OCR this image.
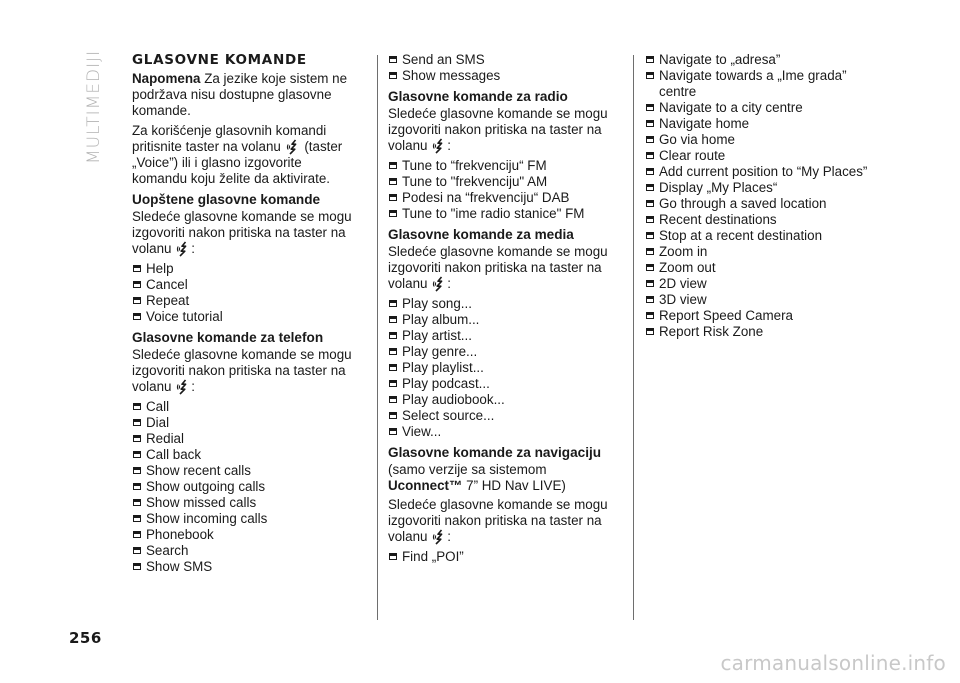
MULTIMEDIJI GLASOVNE KOMANDE

Napomena Za jezike koje sistem ne podržava nisu dostupne glasovne komande.

Za korišćenje glasovnih komandi pritisnite taster na volanu  (taster „Voice”) ili i glasno izgovorite komandu koju želite da aktivirate.

Uopštene glasovne komande

Sledeće glasovne komande se mogu izgovoriti nakon pritiska na taster na volanu :

Help
Cancel
Repeat
Voice tutorial
Glasovne komande za telefon

Sledeće glasovne komande se mogu izgovoriti nakon pritiska na taster na volanu :

Call
Dial
Redial
Call back
Show recent calls
Show outgoing calls
Show missed calls
Show incoming calls
Phonebook
Search
Show SMS
Send an SMS
Show messages
Glasovne komande za radio

Sledeće glasovne komande se mogu izgovoriti nakon pritiska na taster na volanu :

Tune to “frekvenciju“ FM
Tune to "frekvenciju" AM
Podesi na “frekvenciju“ DAB
Tune to "ime radio stanice" FM
Glasovne komande za media

Sledeće glasovne komande se mogu izgovoriti nakon pritiska na taster na volanu :

Play song...
Play album...
Play artist...
Play genre...
Play playlist...
Play podcast...
Play audiobook...
Select source...
View...
Glasovne komande za navigaciju

(samo verzije sa sistemom
Uconnect™ 7” HD Nav LIVE)

Sledeće glasovne komande se mogu izgovoriti nakon pritiska na taster na volanu :

Find „POI”
Navigate to „adresa”
Navigate towards a „Ime grada” centre
Navigate to a city centre
Navigate home
Go via home
Clear route
Add current position to “My Places”
Display „My Places“
Go through a saved location
Recent destinations
Stop at a recent destination
Zoom in
Zoom out
2D view
3D view
Report Speed Camera
Report Risk Zone
256
carmanualsonline.info
